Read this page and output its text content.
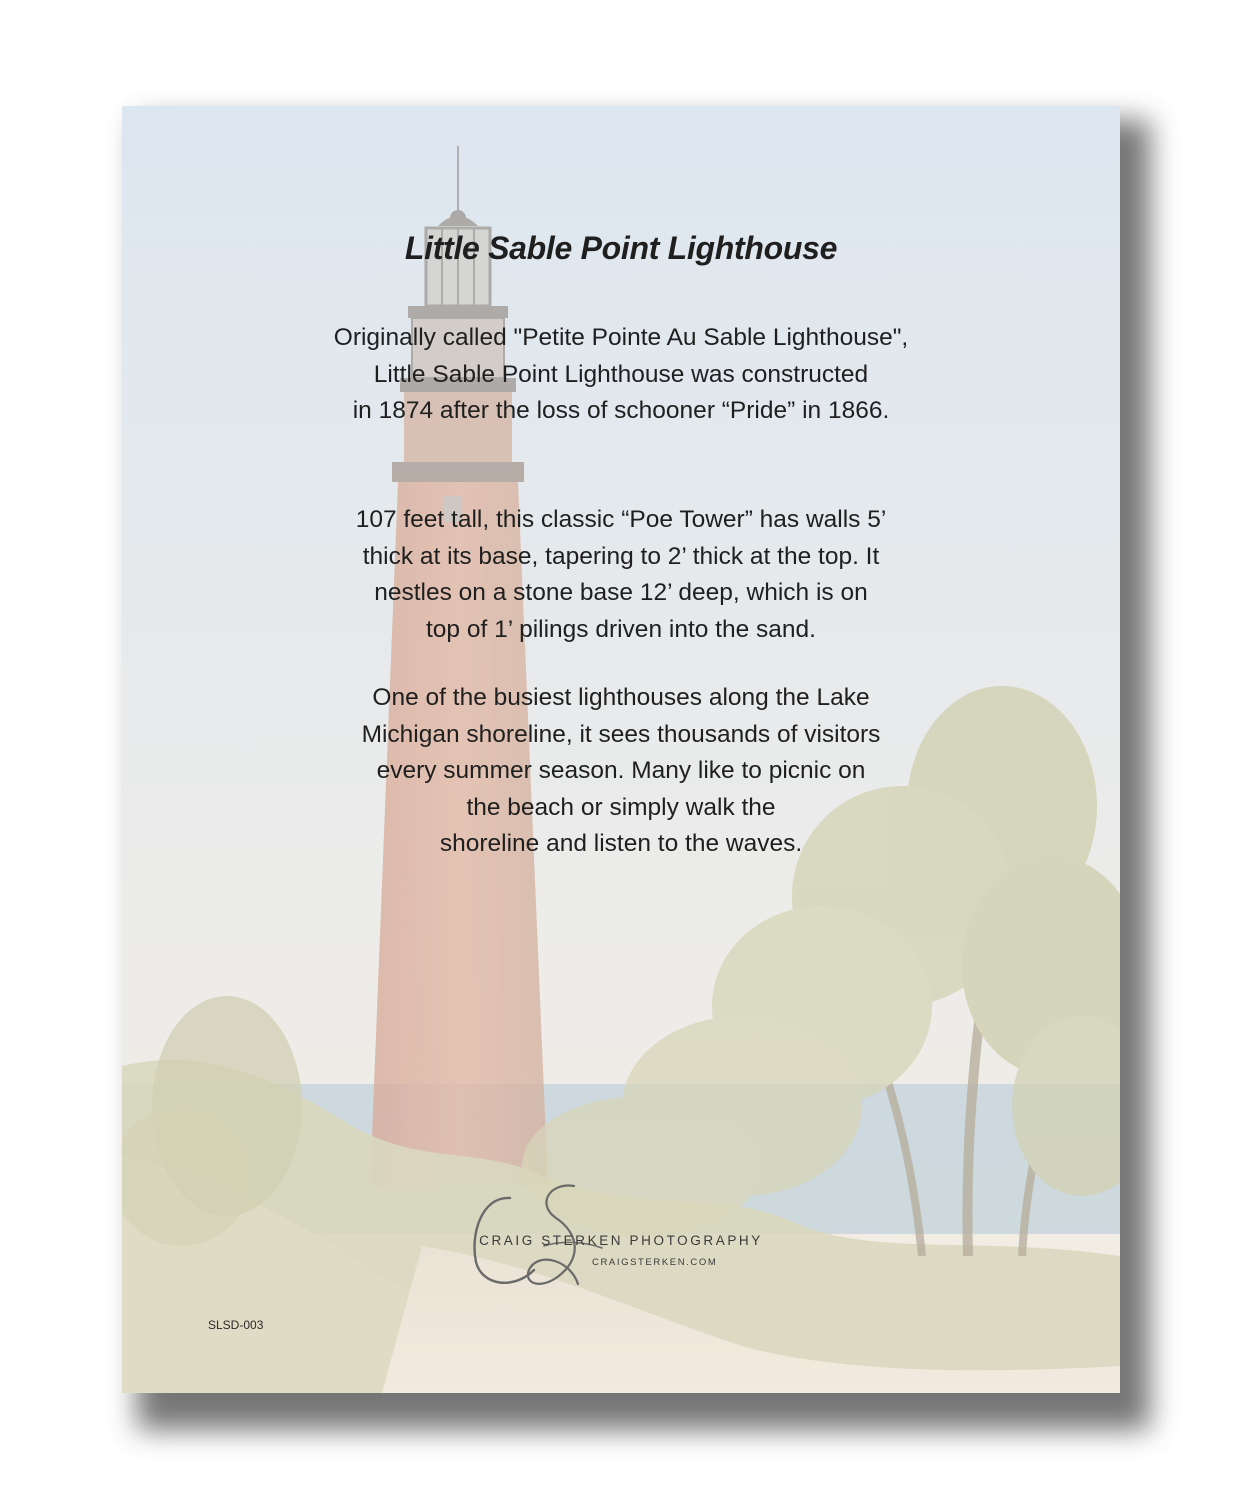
Little Sable Point Lighthouse

Originally called "Petite Pointe Au Sable Lighthouse",
Little Sable Point Lighthouse was constructed
in 1874 after the loss of schooner “Pride” in 1866.

107 feet tall, this classic “Poe Tower” has walls 5’
thick at its base, tapering to 2’ thick at the top. It
nestles on a stone base 12’ deep, which is on
top of 1’ pilings driven into the sand.

One of the busiest lighthouses along the Lake
Michigan shoreline, it sees thousands of visitors
every summer season. Many like to picnic on
the beach or simply walk the
shoreline and listen to the waves.

CRAIG STERKEN PHOTOGRAPHY

CRAIGSTERKEN.COM

SLSD-003
